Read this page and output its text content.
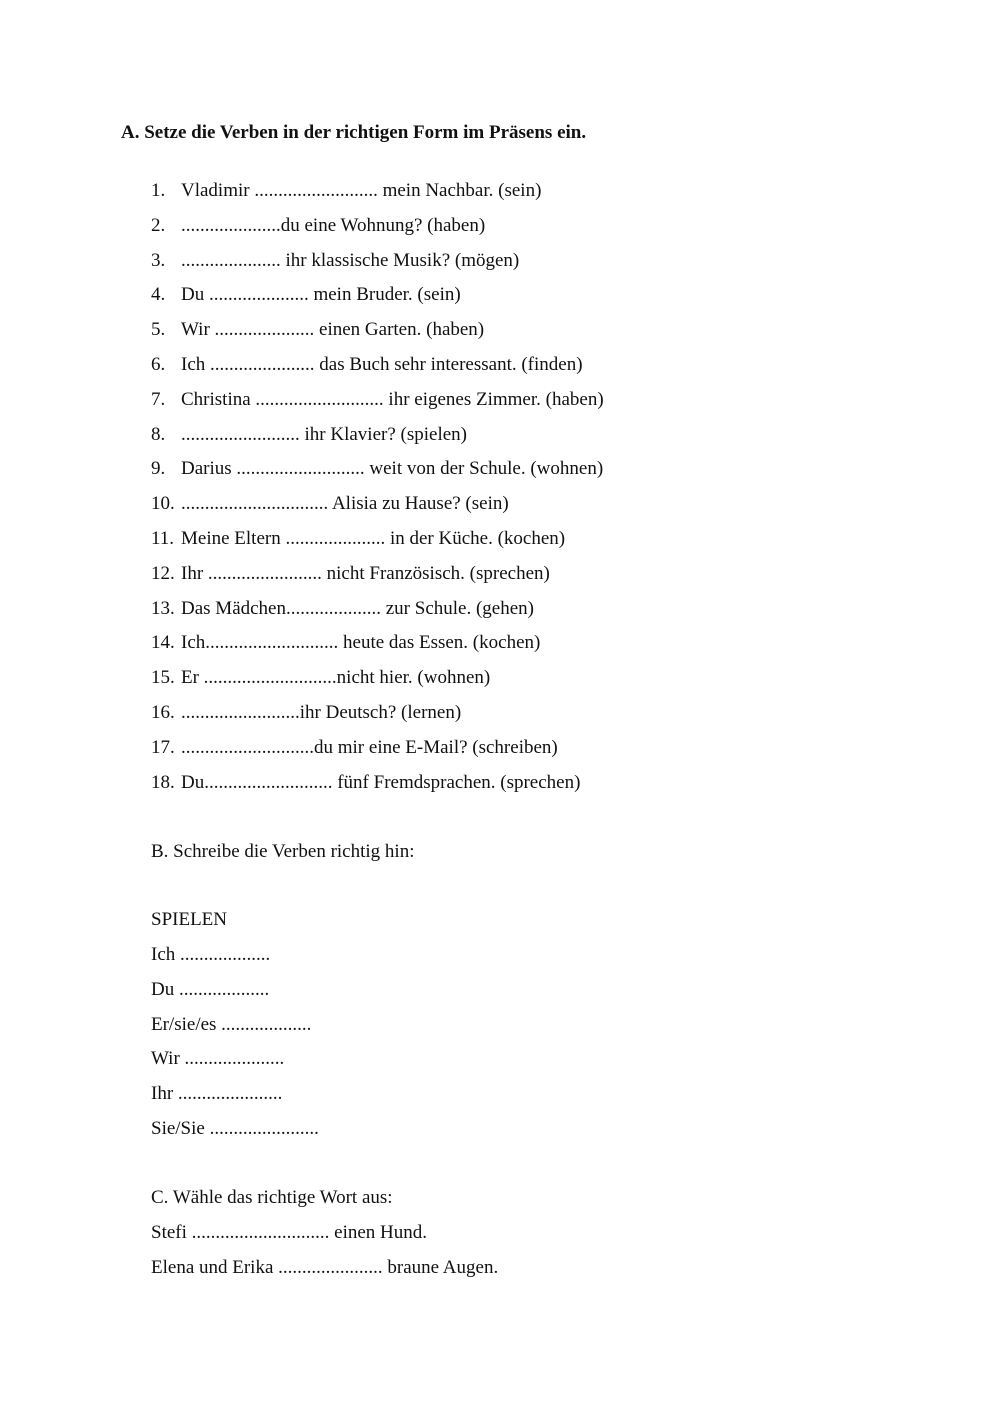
A. Setze die Verben in der richtigen Form im Präsens ein.
1. Vladimir .......................... mein Nachbar. (sein)
2. .....................du eine Wohnung? (haben)
3. ..................... ihr klassische Musik? (mögen)
4. Du ..................... mein Bruder. (sein)
5. Wir ..................... einen Garten. (haben)
6. Ich ...................... das Buch sehr interessant. (finden)
7. Christina ........................... ihr eigenes Zimmer. (haben)
8. ......................... ihr Klavier? (spielen)
9. Darius ........................... weit von der Schule. (wohnen)
10. ............................... Alisia zu Hause? (sein)
11. Meine Eltern ..................... in der Küche. (kochen)
12. Ihr ........................ nicht Französisch. (sprechen)
13. Das Mädchen.................... zur Schule. (gehen)
14. Ich............................ heute das Essen. (kochen)
15. Er ............................nicht hier. (wohnen)
16. .........................ihr Deutsch? (lernen)
17. ............................du mir eine E-Mail? (schreiben)
18. Du........................... fünf Fremdsprachen. (sprechen)
B. Schreibe die Verben richtig hin:
SPIELEN
Ich ...................
Du ...................
Er/sie/es ...................
Wir .....................
Ihr ......................
Sie/Sie .......................
C. Wähle das richtige Wort aus:
Stefi ............................. einen Hund.
Elena und Erika ...................... braune Augen.
